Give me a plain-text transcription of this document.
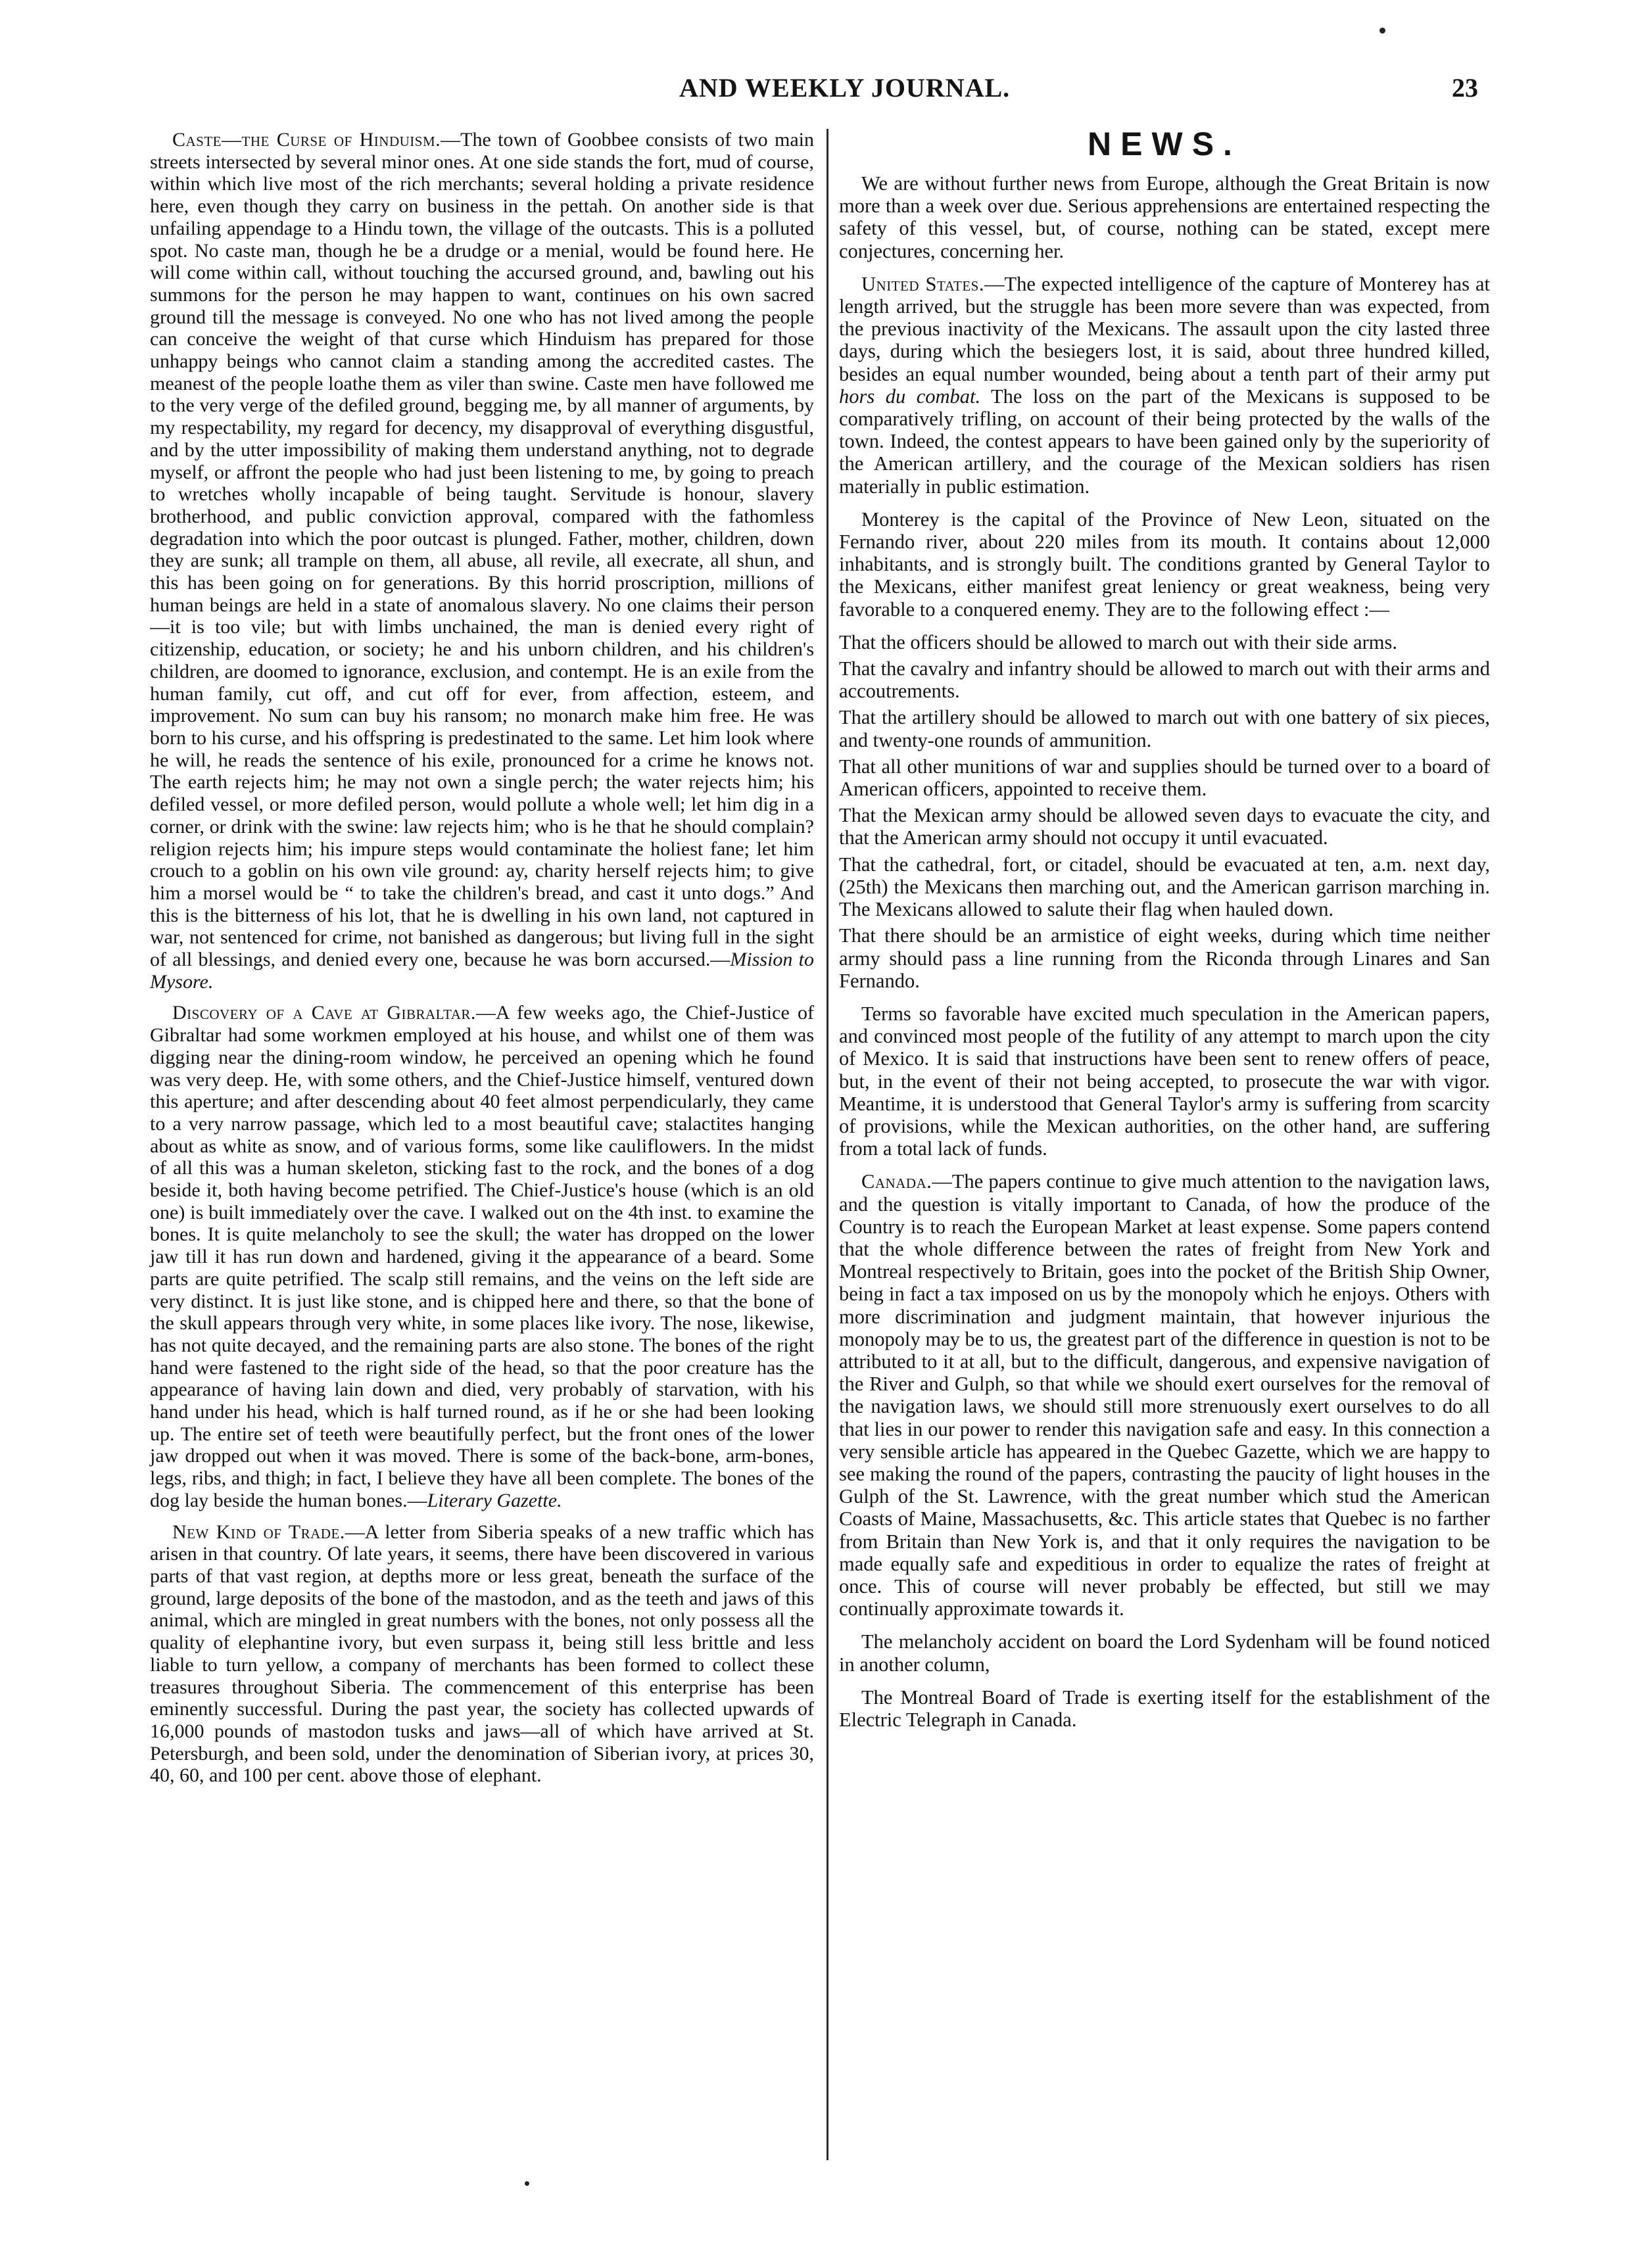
AND WEEKLY JOURNAL.	23

Caste—the Curse of Hinduism.—The town of Goobbee consists of two main streets intersected by several minor ones. At one side stands the fort, mud of course, within which live most of the rich merchants; several holding a private residence here, even though they carry on business in the pettah. On another side is that unfailing appendage to a Hindu town, the village of the outcasts. This is a polluted spot. No caste man, though he be a drudge or a menial, would be found here. He will come within call, without touching the accursed ground, and, bawling out his summons for the person he may happen to want, continues on his own sacred ground till the message is conveyed. No one who has not lived among the people can conceive the weight of that curse which Hinduism has prepared for those unhappy beings who cannot claim a standing among the accredited castes. The meanest of the people loathe them as viler than swine. Caste men have followed me to the very verge of the defiled ground, begging me, by all manner of arguments, by my respectability, my regard for decency, my disapproval of everything disgustful, and by the utter impossibility of making them understand anything, not to degrade myself, or affront the people who had just been listening to me, by going to preach to wretches wholly incapable of being taught. Servitude is honour, slavery brotherhood, and public conviction approval, compared with the fathomless degradation into which the poor outcast is plunged. Father, mother, children, down they are sunk; all trample on them, all abuse, all revile, all execrate, all shun, and this has been going on for generations. By this horrid proscription, millions of human beings are held in a state of anomalous slavery. No one claims their person—it is too vile; but with limbs unchained, the man is denied every right of citizenship, education, or society; he and his unborn children, and his children's children, are doomed to ignorance, exclusion, and contempt. He is an exile from the human family, cut off, and cut off for ever, from affection, esteem, and improvement. No sum can buy his ransom; no monarch make him free. He was born to his curse, and his offspring is predestinated to the same. Let him look where he will, he reads the sentence of his exile, pronounced for a crime he knows not. The earth rejects him; he may not own a single perch; the water rejects him; his defiled vessel, or more defiled person, would pollute a whole well; let him dig in a corner, or drink with the swine: law rejects him; who is he that he should complain? religion rejects him; his impure steps would contaminate the holiest fane; let him crouch to a goblin on his own vile ground: ay, charity herself rejects him; to give him a morsel would be “ to take the children's bread, and cast it unto dogs.” And this is the bitterness of his lot, that he is dwelling in his own land, not captured in war, not sentenced for crime, not banished as dangerous; but living full in the sight of all blessings, and denied every one, because he was born accursed.—Mission to Mysore.

Discovery of a Cave at Gibraltar.—A few weeks ago, the Chief-Justice of Gibraltar had some workmen employed at his house, and whilst one of them was digging near the dining-room window, he perceived an opening which he found was very deep. He, with some others, and the Chief-Justice himself, ventured down this aperture; and after descending about 40 feet almost perpendicularly, they came to a very narrow passage, which led to a most beautiful cave; stalactites hanging about as white as snow, and of various forms, some like cauliflowers. In the midst of all this was a human skeleton, sticking fast to the rock, and the bones of a dog beside it, both having become petrified. The Chief-Justice's house (which is an old one) is built immediately over the cave. I walked out on the 4th inst. to examine the bones. It is quite melancholy to see the skull; the water has dropped on the lower jaw till it has run down and hardened, giving it the appearance of a beard. Some parts are quite petrified. The scalp still remains, and the veins on the left side are very distinct. It is just like stone, and is chipped here and there, so that the bone of the skull appears through very white, in some places like ivory. The nose, likewise, has not quite decayed, and the remaining parts are also stone. The bones of the right hand were fastened to the right side of the head, so that the poor creature has the appearance of having lain down and died, very probably of starvation, with his hand under his head, which is half turned round, as if he or she had been looking up. The entire set of teeth were beautifully perfect, but the front ones of the lower jaw dropped out when it was moved. There is some of the back-bone, arm-bones, legs, ribs, and thigh; in fact, I believe they have all been complete. The bones of the dog lay beside the human bones.—Literary Gazette.

New Kind of Trade.—A letter from Siberia speaks of a new traffic which has arisen in that country. Of late years, it seems, there have been discovered in various parts of that vast region, at depths more or less great, beneath the surface of the ground, large deposits of the bone of the mastodon, and as the teeth and jaws of this animal, which are mingled in great numbers with the bones, not only possess all the quality of elephantine ivory, but even surpass it, being still less brittle and less liable to turn yellow, a company of merchants has been formed to collect these treasures throughout Siberia. The commencement of this enterprise has been eminently successful. During the past year, the society has collected upwards of 16,000 pounds of mastodon tusks and jaws—all of which have arrived at St. Petersburgh, and been sold, under the denomination of Siberian ivory, at prices 30, 40, 60, and 100 per cent. above those of elephant.

NEWS.

We are without further news from Europe, although the Great Britain is now more than a week over due. Serious apprehensions are entertained respecting the safety of this vessel, but, of course, nothing can be stated, except mere conjectures, concerning her.

United States.—The expected intelligence of the capture of Monterey has at length arrived, but the struggle has been more severe than was expected, from the previous inactivity of the Mexicans. The assault upon the city lasted three days, during which the besiegers lost, it is said, about three hundred killed, besides an equal number wounded, being about a tenth part of their army put hors du combat. The loss on the part of the Mexicans is supposed to be comparatively trifling, on account of their being protected by the walls of the town. Indeed, the contest appears to have been gained only by the superiority of the American artillery, and the courage of the Mexican soldiers has risen materially in public estimation.

Monterey is the capital of the Province of New Leon, situated on the Fernando river, about 220 miles from its mouth. It contains about 12,000 inhabitants, and is strongly built. The conditions granted by General Taylor to the Mexicans, either manifest great leniency or great weakness, being very favorable to a conquered enemy. They are to the following effect :—

That the officers should be allowed to march out with their side arms.

That the cavalry and infantry should be allowed to march out with their arms and accoutrements.

That the artillery should be allowed to march out with one battery of six pieces, and twenty-one rounds of ammunition.

That all other munitions of war and supplies should be turned over to a board of American officers, appointed to receive them.

That the Mexican army should be allowed seven days to evacuate the city, and that the American army should not occupy it until evacuated.

That the cathedral, fort, or citadel, should be evacuated at ten, a.m. next day, (25th) the Mexicans then marching out, and the American garrison marching in. The Mexicans allowed to salute their flag when hauled down.

That there should be an armistice of eight weeks, during which time neither army should pass a line running from the Riconda through Linares and San Fernando.

Terms so favorable have excited much speculation in the American papers, and convinced most people of the futility of any attempt to march upon the city of Mexico. It is said that instructions have been sent to renew offers of peace, but, in the event of their not being accepted, to prosecute the war with vigor. Meantime, it is understood that General Taylor's army is suffering from scarcity of provisions, while the Mexican authorities, on the other hand, are suffering from a total lack of funds.

Canada.—The papers continue to give much attention to the navigation laws, and the question is vitally important to Canada, of how the produce of the Country is to reach the European Market at least expense. Some papers contend that the whole difference between the rates of freight from New York and Montreal respectively to Britain, goes into the pocket of the British Ship Owner, being in fact a tax imposed on us by the monopoly which he enjoys. Others with more discrimination and judgment maintain, that however injurious the monopoly may be to us, the greatest part of the difference in question is not to be attributed to it at all, but to the difficult, dangerous, and expensive navigation of the River and Gulph, so that while we should exert ourselves for the removal of the navigation laws, we should still more strenuously exert ourselves to do all that lies in our power to render this navigation safe and easy. In this connection a very sensible article has appeared in the Quebec Gazette, which we are happy to see making the round of the papers, contrasting the paucity of light houses in the Gulph of the St. Lawrence, with the great number which stud the American Coasts of Maine, Massachusetts, &c. This article states that Quebec is no farther from Britain than New York is, and that it only requires the navigation to be made equally safe and expeditious in order to equalize the rates of freight at once. This of course will never probably be effected, but still we may continually approximate towards it.

The melancholy accident on board the Lord Sydenham will be found noticed in another column,

The Montreal Board of Trade is exerting itself for the establishment of the Electric Telegraph in Canada.
